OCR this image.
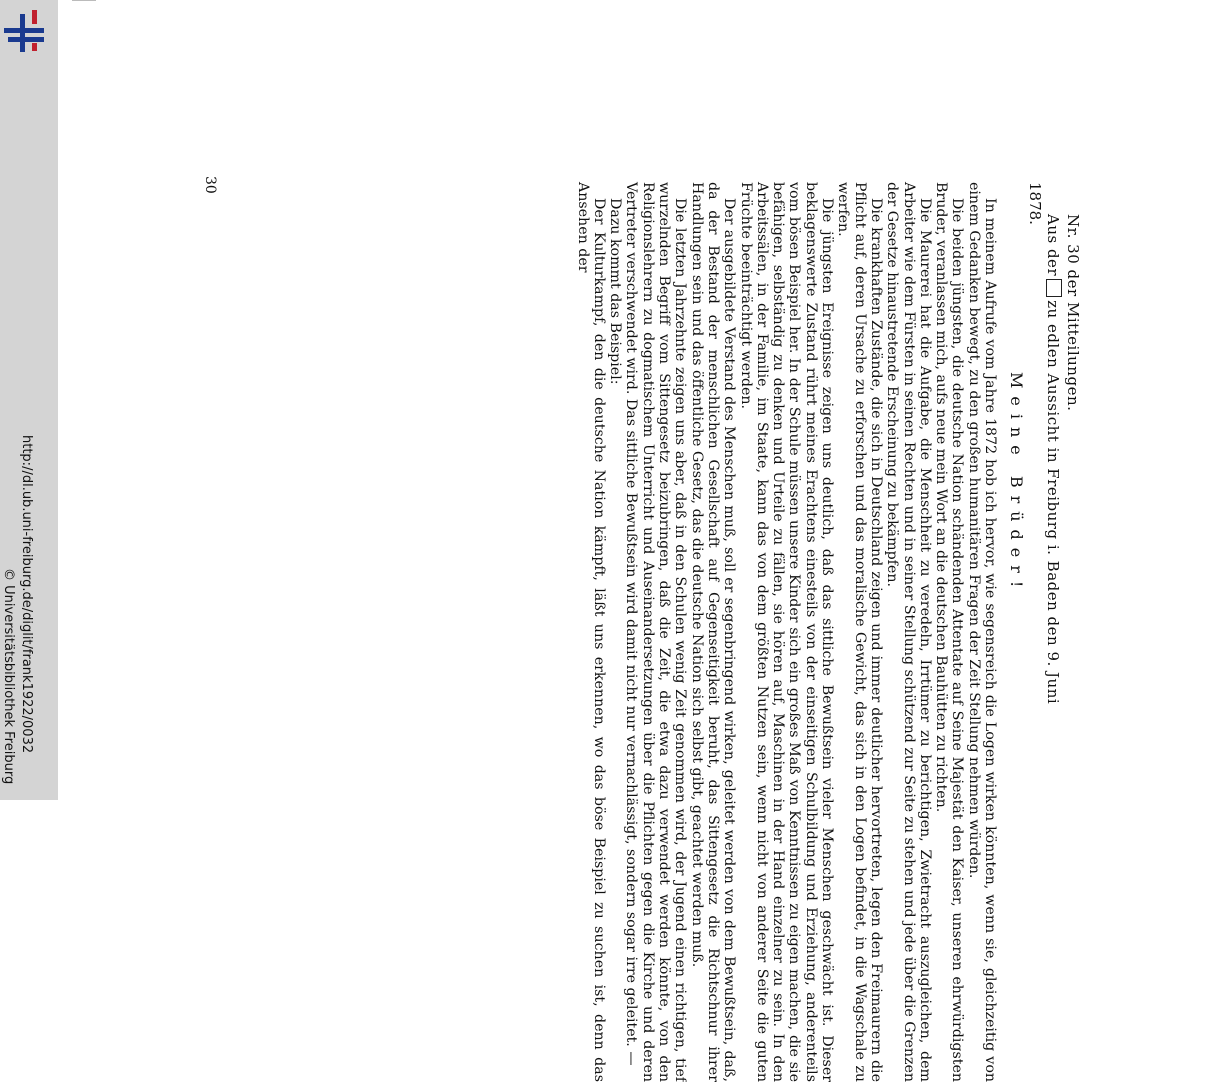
http://dl.ub.uni-freiburg.de/diglit/frank1922/0032
© Universitätsbibliothek Freiburg
Nr. 30 der Mitteilungen.
Aus derzu edlen Aussicht in Freiburg i. Baden den 9. Juni
1878.
Meine Brüder!

In meinem Aufrufe vom Jahre 1872 hob ich hervor, wie segensreich die Logen wirken könnten, wenn sie, gleichzeitig von einem Gedanken bewegt, zu den großen humanitären Fragen der Zeit Stellung nehmen würden.

Die beiden jüngsten, die deutsche Nation schändenden Attentate auf Seine Majestät den Kaiser, unseren ehrwürdigsten Bruder, veranlassen mich, aufs neue mein Wort an die deutschen Bauhütten zu richten.

Die Maurerei hat die Aufgabe, die Menschheit zu veredeln, Irrtümer zu berichtigen, Zwietracht auszugleichen, dem Arbeiter wie dem Fürsten in seinen Rechten und in seiner Stellung schützend zur Seite zu stehen und jede über die Grenzen der Gesetze hinaustretende Erscheinung zu bekämpfen.

Die krankhaften Zustände, die sich in Deutschland zeigen und immer deutlicher hervortreten, legen den Freimaurern die Pflicht auf, deren Ursache zu erforschen und das moralische Gewicht, das sich in den Logen befindet, in die Wagschale zu werfen.

Die jüngsten Ereignisse zeigen uns deutlich, daß das sittliche Bewußtsein vieler Menschen geschwächt ist. Dieser beklagenswerte Zustand rührt meines Erachtens einesteils von der einseitigen Schulbildung und Erziehung, anderenteils vom bösen Beispiel her. In der Schule müssen unsere Kinder sich ein großes Maß von Kenntnissen zu eigen machen, die sie befähigen, selbständig zu denken und Urteile zu fällen, sie hören auf, Maschinen in der Hand einzelner zu sein. In den Arbeitssälen, in der Familie, im Staate, kann das von dem größten Nutzen sein, wenn nicht von anderer Seite die guten Früchte beeinträchtigt werden.

Der ausgebildete Verstand des Menschen muß, soll er segenbringend wirken, geleitet werden von dem Bewußtsein, daß, da der Bestand der menschlichen Gesellschaft auf Gegenseitigkeit beruht, das Sittengesetz die Richtschnur ihrer Handlungen sein und das öffentliche Gesetz, das die deutsche Nation sich selbst gibt, geachtet werden muß.

Die letzten Jahrzehnte zeigen uns aber, daß in den Schulen wenig Zeit genommen wird, der Jugend einen richtigen, tief wurzelnden Begriff vom Sittengesetz beizubringen, daß die Zeit, die etwa dazu verwendet werden könnte, von den Religionslehrern zu dogmatischem Unterricht und Auseinandersetzungen über die Pflichten gegen die Kirche und deren Vertreter verschwendet wird. Das sittliche Bewußtsein wird damit nicht nur vernachlässigt, sondern sogar irre geleitet. —

Dazu kommt das Beispiel:

Der Kulturkampf, den die deutsche Nation kämpft, läßt uns erkennen, wo das böse Beispiel zu suchen ist, denn das Ansehen der

30
